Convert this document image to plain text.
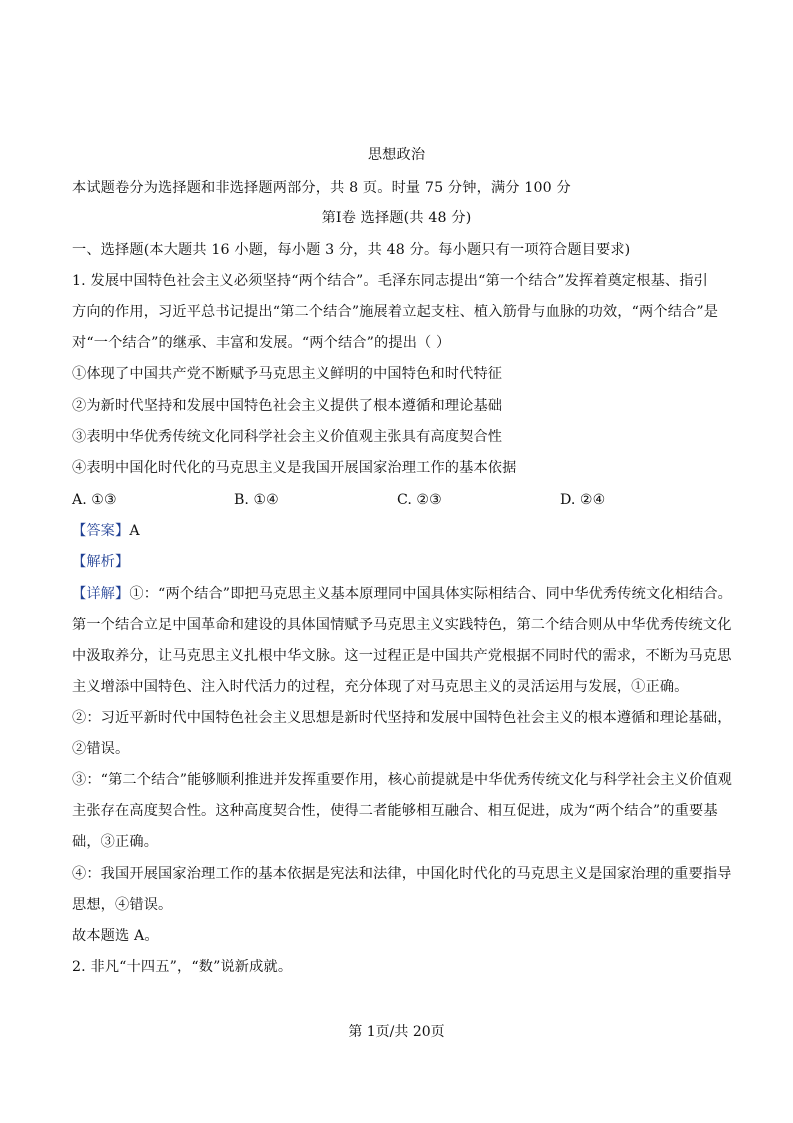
思想政治
本试题卷分为选择题和非选择题两部分，共 8 页。时量 75 分钟，满分 100 分
第Ⅰ卷 选择题(共 48 分)
一、选择题(本大题共 16 小题，每小题 3 分，共 48 分。每小题只有一项符合题目要求)
1. 发展中国特色社会主义必须坚持“两个结合”。毛泽东同志提出“第一个结合”发挥着奠定根基、指引
方向的作用，习近平总书记提出“第二个结合”施展着立起支柱、植入筋骨与血脉的功效，“两个结合”是
对“一个结合”的继承、丰富和发展。“两个结合”的提出（ ）
①体现了中国共产党不断赋予马克思主义鲜明的中国特色和时代特征
②为新时代坚持和发展中国特色社会主义提供了根本遵循和理论基础
③表明中华优秀传统文化同科学社会主义价值观主张具有高度契合性
④表明中国化时代化的马克思主义是我国开展国家治理工作的基本依据
A. ①③	B. ①④	C. ②③	D. ②④
【答案】A
【解析】
【详解】①：“两个结合”即把马克思主义基本原理同中国具体实际相结合、同中华优秀传统文化相结合。
第一个结合立足中国革命和建设的具体国情赋予马克思主义实践特色，第二个结合则从中华优秀传统文化
中汲取养分，让马克思主义扎根中华文脉。这一过程正是中国共产党根据不同时代的需求，不断为马克思
主义增添中国特色、注入时代活力的过程，充分体现了对马克思主义的灵活运用与发展，①正确。
②：习近平新时代中国特色社会主义思想是新时代坚持和发展中国特色社会主义的根本遵循和理论基础，
②错误。
③：“第二个结合”能够顺利推进并发挥重要作用，核心前提就是中华优秀传统文化与科学社会主义价值观
主张存在高度契合性。这种高度契合性，使得二者能够相互融合、相互促进，成为“两个结合”的重要基
础，③正确。
④：我国开展国家治理工作的基本依据是宪法和法律，中国化时代化的马克思主义是国家治理的重要指导
思想，④错误。
故本题选 A。
2. 非凡“十四五”，“数”说新成就。
第 1页/共 20页
